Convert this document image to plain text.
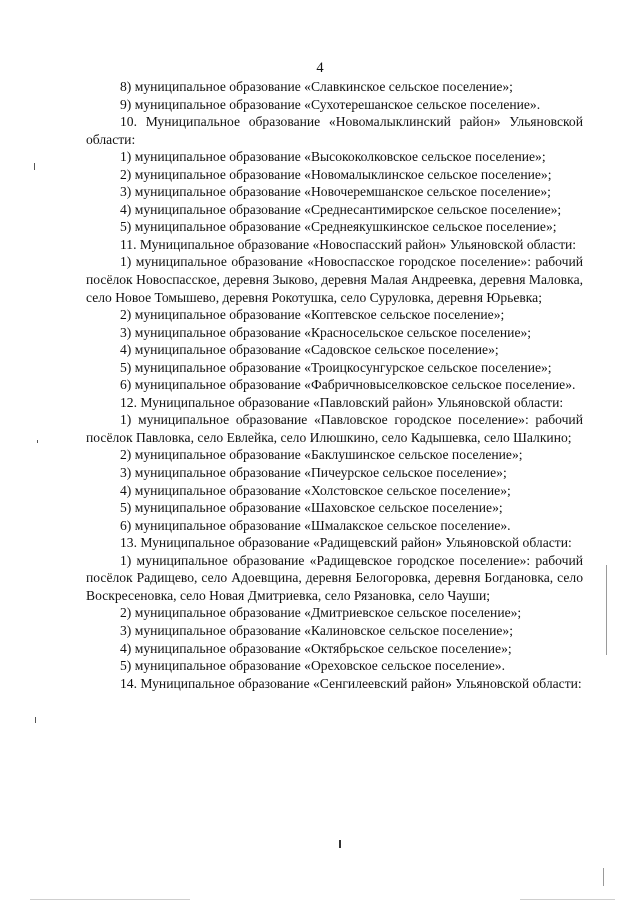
4

8) муниципальное образование «Славкинское сельское поселение»;

9) муниципальное образование «Сухотерешанское сельское поселение».

10. Муниципальное образование «Новомалыклинский район» Ульяновской области:

1) муниципальное образование «Высококолковское сельское поселение»;

2) муниципальное образование «Новомалыклинское сельское поселение»;

3) муниципальное образование «Новочеремшанское сельское поселение»;

4) муниципальное образование «Среднесантимирское сельское поселение»;

5) муниципальное образование «Среднеякушкинское сельское поселение»;

11. Муниципальное образование «Новоспасский район» Ульяновской области:

1) муниципальное образование «Новоспасское городское поселение»: рабочий посёлок Новоспасское, деревня Зыково, деревня Малая Андреевка, деревня Маловка, село Новое Томышево, деревня Рокотушка, село Суруловка, деревня Юрьевка;

2) муниципальное образование «Коптевское сельское поселение»;

3) муниципальное образование «Красносельское сельское поселение»;

4) муниципальное образование «Садовское сельское поселение»;

5) муниципальное образование «Троицкосунгурское сельское поселение»;

6) муниципальное образование «Фабричновыселковское сельское поселение».

12. Муниципальное образование «Павловский район» Ульяновской области:

1) муниципальное образование «Павловское городское поселение»: рабочий посёлок Павловка, село Евлейка, село Илюшкино, село Кадышевка, село Шалкино;

2) муниципальное образование «Баклушинское сельское поселение»;

3) муниципальное образование «Пичеурское сельское поселение»;

4) муниципальное образование «Холстовское сельское поселение»;

5) муниципальное образование «Шаховское сельское поселение»;

6) муниципальное образование «Шмалакское сельское поселение».

13. Муниципальное образование «Радищевский район» Ульяновской области:

1) муниципальное образование «Радищевское городское поселение»: рабочий посёлок Радищево, село Адоевщина, деревня Белогоровка, деревня Богдановка, село Воскресеновка, село Новая Дмитриевка, село Рязановка, село Чауши;

2) муниципальное образование «Дмитриевское сельское поселение»;

3) муниципальное образование «Калиновское сельское поселение»;

4) муниципальное образование «Октябрьское сельское поселение»;

5) муниципальное образование «Ореховское сельское поселение».

14. Муниципальное образование «Сенгилеевский район» Ульяновской области:
